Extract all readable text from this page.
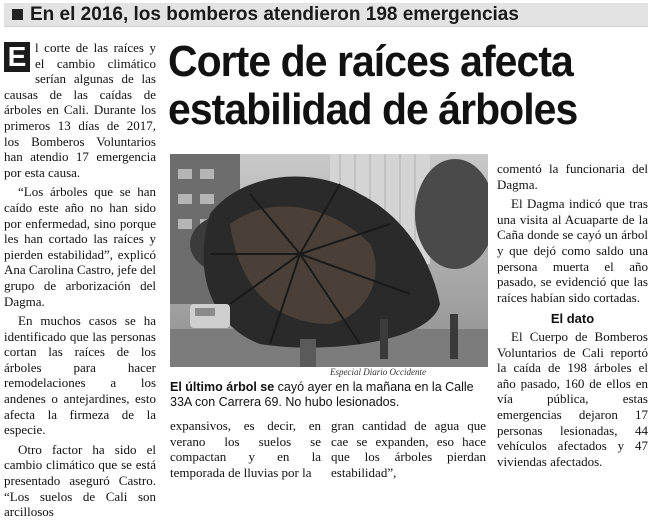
En el 2016, los bomberos atendieron 198 emergencias

E l corte de las raíces y el cambio climático serían algunas de las causas de las caídas de árboles en Cali. Durante los primeros 13 días de 2017, los Bomberos Voluntarios han atendio 17 emergencia por esta causa.

“Los árboles que se han caído este año no han sido por enfermedad, sino porque les han cortado las raíces y pierden estabilidad”, explicó Ana Carolina Castro, jefe del grupo de arborización del Dagma.

En muchos casos se ha identificado que las personas cortan las raíces de los árboles para hacer remodelaciones a los andenes o antejardines, esto afecta la firmeza de la especie.

Otro factor ha sido el cambio climático que se está presentado aseguró Castro. “Los suelos de Cali son arcillosos

Corte de raíces afecta estabilidad de árboles
Especial Diario Occidente
El último árbol se cayó ayer en la mañana en la Calle 33A con Carrera 69. No hubo lesionados.

expansivos, es decir, en verano los suelos se compactan y en la temporada de lluvias por la

gran cantidad de agua que cae se expanden, eso hace que los árboles pierdan estabilidad”,

comentó la funcionaria del Dagma.

El Dagma indicó que tras una visita al Acuaparte de la Caña donde se cayó un árbol y que dejó como saldo una persona muerta el año pasado, se evidenció que las raíces habían sido cortadas.

El dato

El Cuerpo de Bomberos Voluntarios de Cali reportó la caída de 198 árboles el año pasado, 160 de ellos en vía pública, estas emergencias dejaron 17 personas lesionadas, 44 vehículos afectados y 47 viviendas afectados.
